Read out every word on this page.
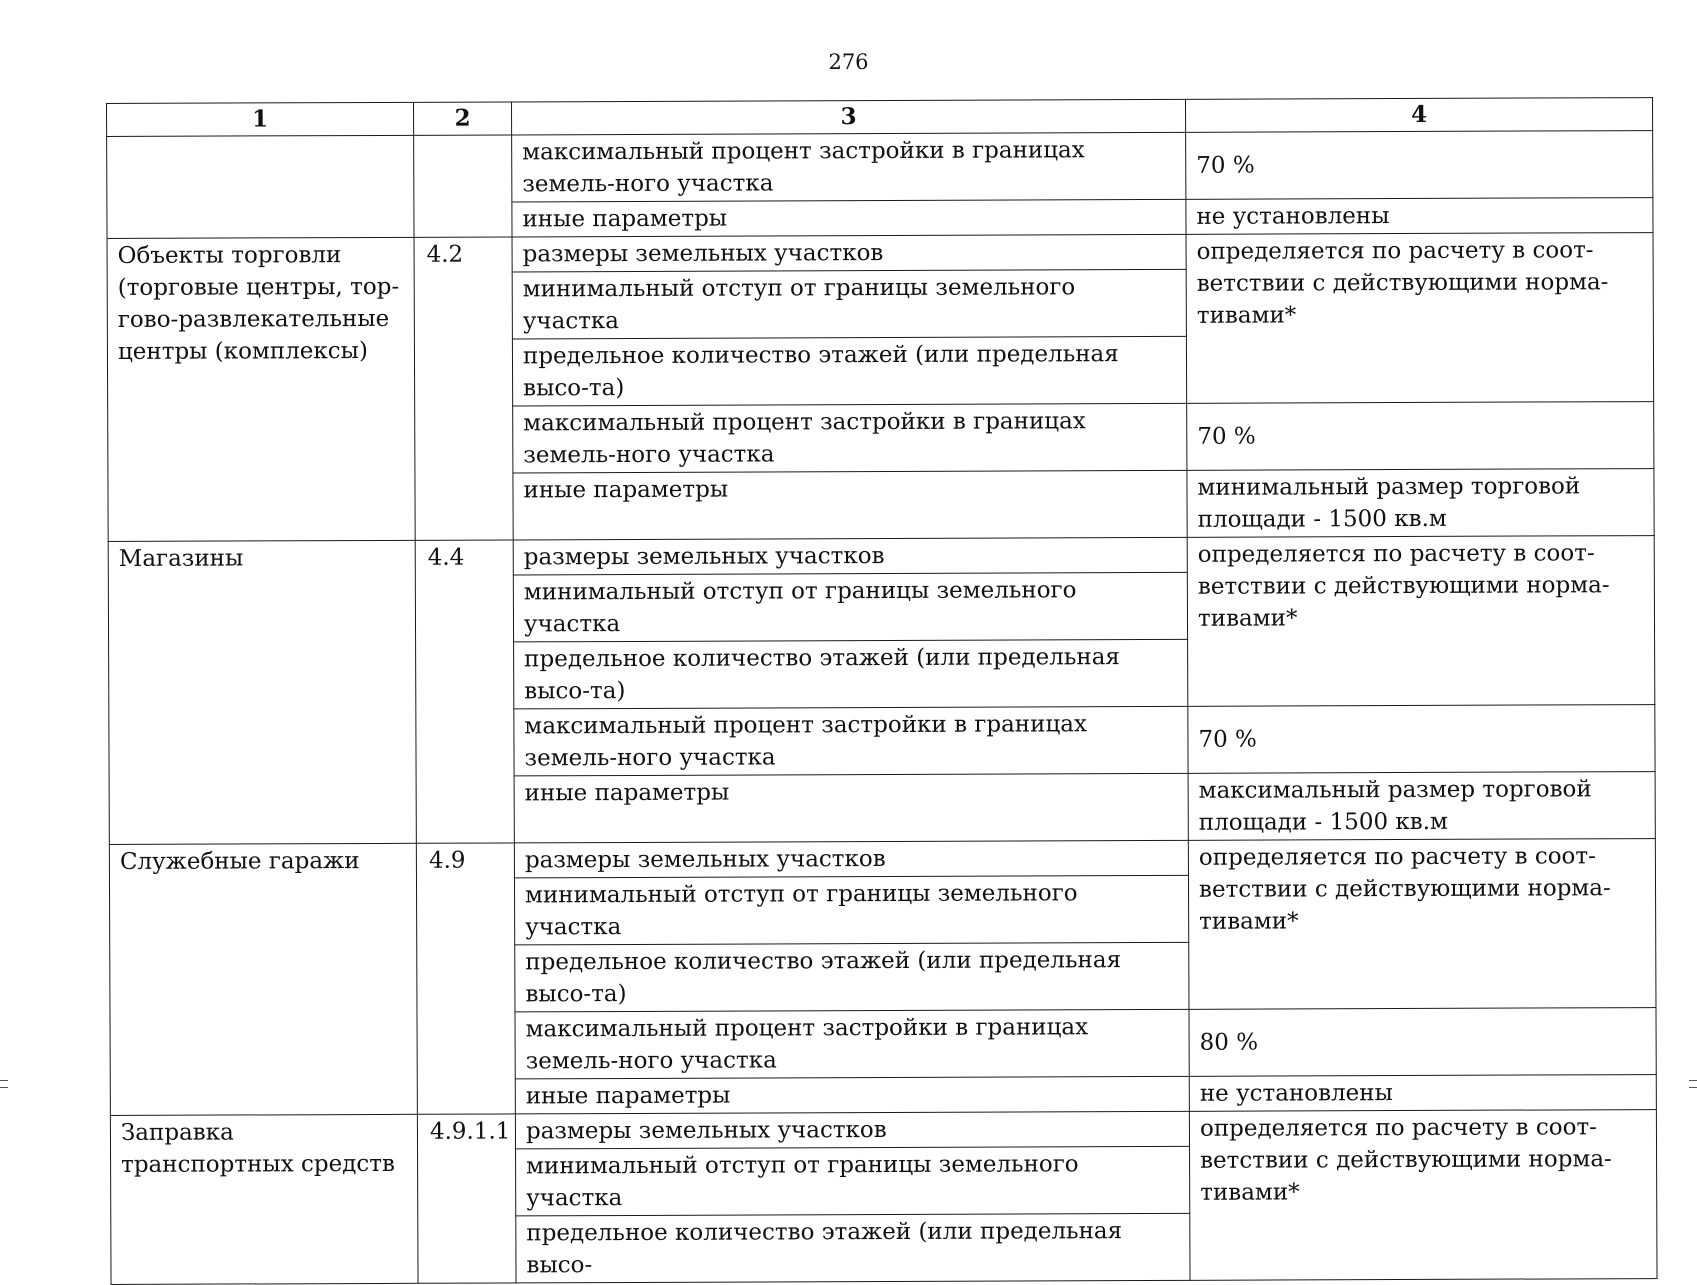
276
1	2	3	4
		максимальный процент застройки в границах земель-ного участка	70 %
		иные параметры	не установлены
Объекты торговли (торговые центры, тор-гово-развлекательные центры (комплексы)	4.2	размеры земельных участков	определяется по расчету в соот-ветствии с действующими норма-тивами*
		минимальный отступ от границы земельного участка	
		предельное количество этажей (или предельная высо-та)	
		максимальный процент застройки в границах земель-ного участка	70 %
		иные параметры	минимальный размер торговой площади - 1500 кв.м
Магазины	4.4	размеры земельных участков	определяется по расчету в соот-ветствии с действующими норма-тивами*
		минимальный отступ от границы земельного участка	
		предельное количество этажей (или предельная высо-та)	
		максимальный процент застройки в границах земель-ного участка	70 %
		иные параметры	максимальный размер торговой площади - 1500 кв.м
Служебные гаражи	4.9	размеры земельных участков	определяется по расчету в соот-ветствии с действующими норма-тивами*
		минимальный отступ от границы земельного участка	
		предельное количество этажей (или предельная высо-та)	
		максимальный процент застройки в границах земель-ного участка	80 %
		иные параметры	не установлены
Заправка транспортных средств	4.9.1.1	размеры земельных участков	определяется по расчету в соот-ветствии с действующими норма-тивами*
		минимальный отступ от границы земельного участка	
		предельное количество этажей (или предельная высо-	
